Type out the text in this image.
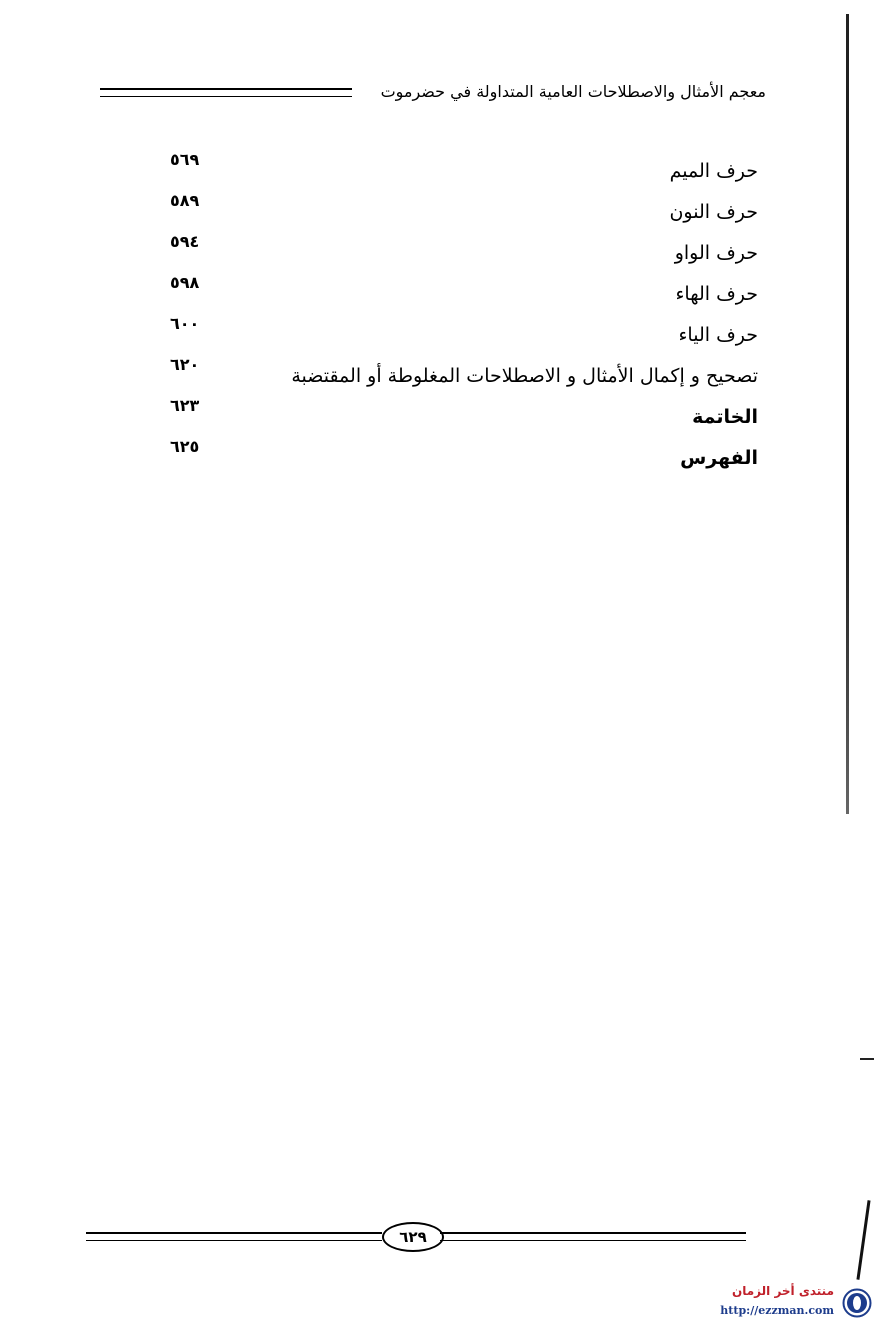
معجم الأمثال والاصطلاحات العامية المتداولة في حضرموت
حرف الميم
٥٦٩
حرف النون
٥٨٩
حرف الواو
٥٩٤
حرف الهاء
٥٩٨
حرف الياء
٦٠٠
تصحيح و إكمال الأمثال و الاصطلاحات المغلوطة أو المقتضبة
٦٢٠
الخاتمة
٦٢٣
الفهرس
٦٢٥
٦٢٩
منتدى أخر الزمان
http://ezzman.com
